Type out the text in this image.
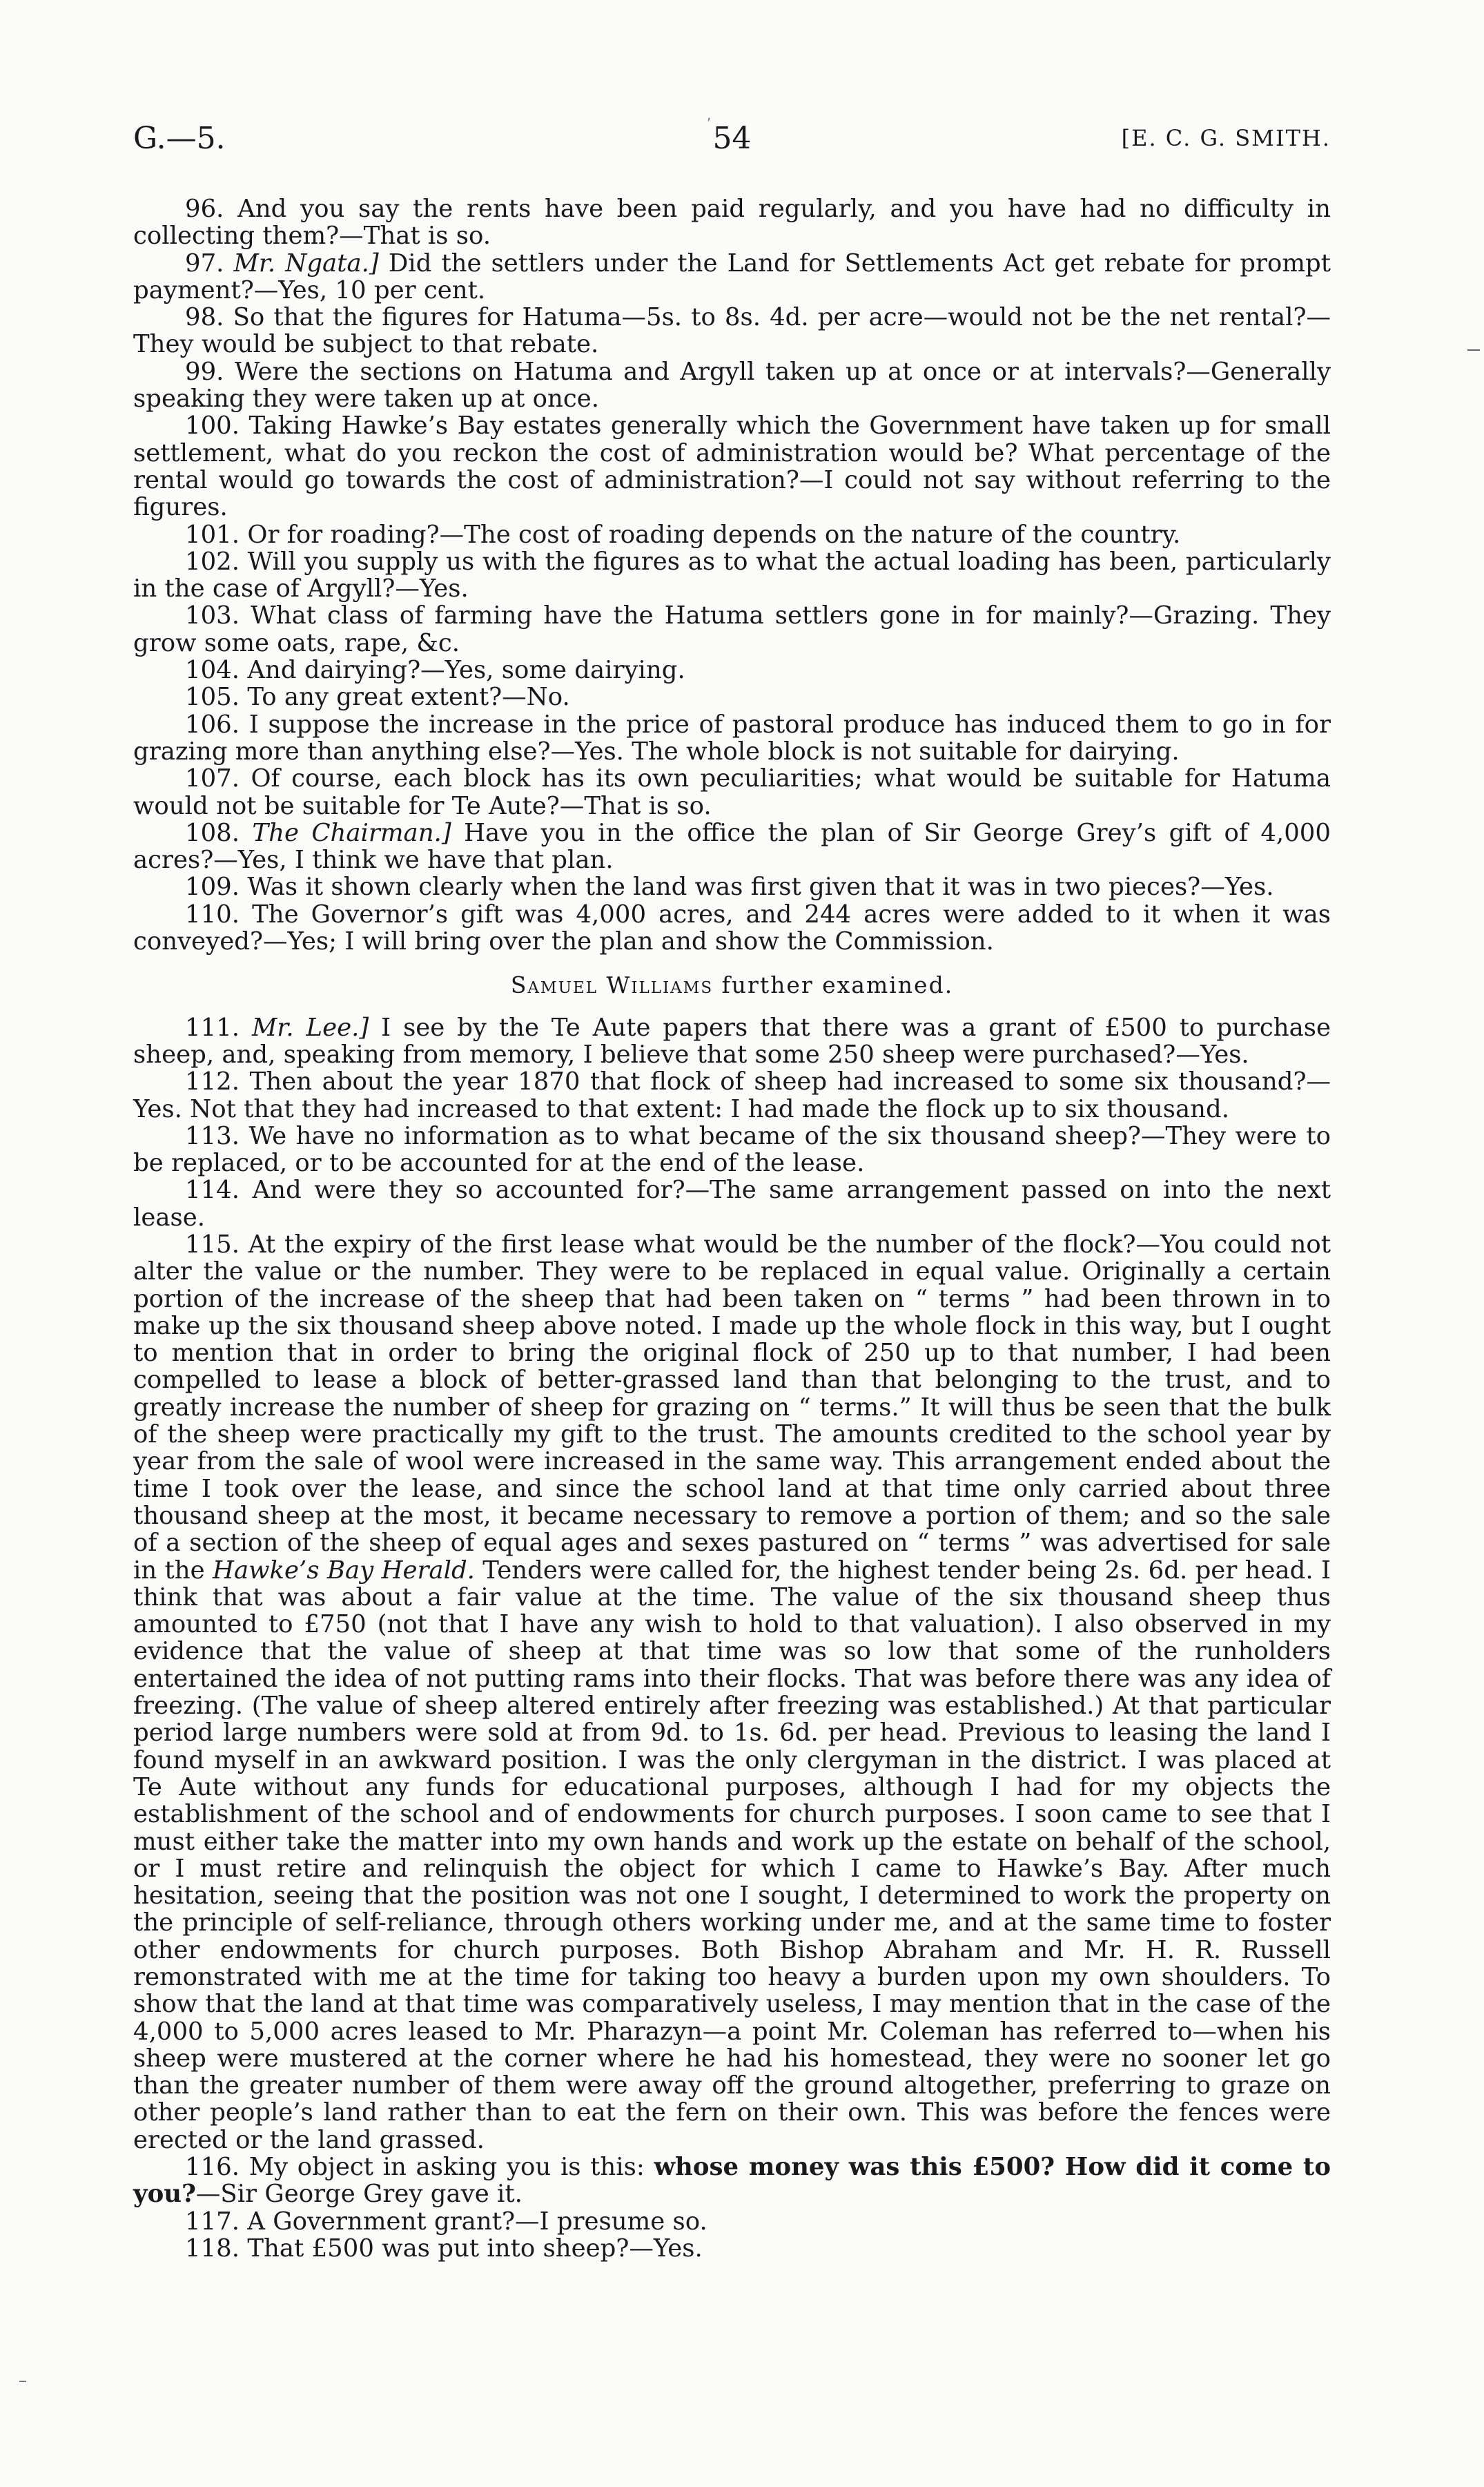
,
G.—5.	54	[E. C. G. SMITH.

96. And you say the rents have been paid regularly, and you have had no difficulty in collecting them?—That is so.

97. Mr. Ngata.] Did the settlers under the Land for Settlements Act get rebate for prompt payment?—Yes, 10 per cent.

98. So that the figures for Hatuma—5s. to 8s. 4d. per acre—would not be the net rental?—They would be subject to that rebate.

99. Were the sections on Hatuma and Argyll taken up at once or at intervals?—Generally speaking they were taken up at once.

100. Taking Hawke’s Bay estates generally which the Government have taken up for small settlement, what do you reckon the cost of administration would be? What percentage of the rental would go towards the cost of administration?—I could not say without referring to the figures.

101. Or for roading?—The cost of roading depends on the nature of the country.

102. Will you supply us with the figures as to what the actual loading has been, particularly in the case of Argyll?—Yes.

103. What class of farming have the Hatuma settlers gone in for mainly?—Grazing. They grow some oats, rape, &c.

104. And dairying?—Yes, some dairying.

105. To any great extent?—No.

106. I suppose the increase in the price of pastoral produce has induced them to go in for grazing more than anything else?—Yes. The whole block is not suitable for dairying.

107. Of course, each block has its own peculiarities; what would be suitable for Hatuma would not be suitable for Te Aute?—That is so.

108. The Chairman.] Have you in the office the plan of Sir George Grey’s gift of 4,000 acres?—Yes, I think we have that plan.

109. Was it shown clearly when the land was first given that it was in two pieces?—Yes.

110. The Governor’s gift was 4,000 acres, and 244 acres were added to it when it was conveyed?—Yes; I will bring over the plan and show the Commission.

Samuel Williams further examined.

111. Mr. Lee.] I see by the Te Aute papers that there was a grant of £500 to purchase sheep, and, speaking from memory, I believe that some 250 sheep were purchased?—Yes.

112. Then about the year 1870 that flock of sheep had increased to some six thousand?—Yes. Not that they had increased to that extent: I had made the flock up to six thousand.

113. We have no information as to what became of the six thousand sheep?—They were to be replaced, or to be accounted for at the end of the lease.

114. And were they so accounted for?—The same arrangement passed on into the next lease.

115. At the expiry of the first lease what would be the number of the flock?—You could not alter the value or the number. They were to be replaced in equal value. Originally a certain portion of the increase of the sheep that had been taken on “ terms ” had been thrown in to make up the six thousand sheep above noted. I made up the whole flock in this way, but I ought to mention that in order to bring the original flock of 250 up to that number, I had been compelled to lease a block of better-grassed land than that belonging to the trust, and to greatly increase the number of sheep for grazing on “ terms.” It will thus be seen that the bulk of the sheep were practically my gift to the trust. The amounts credited to the school year by year from the sale of wool were increased in the same way. This arrangement ended about the time I took over the lease, and since the school land at that time only carried about three thousand sheep at the most, it became necessary to remove a portion of them; and so the sale of a section of the sheep of equal ages and sexes pastured on “ terms ” was advertised for sale in the Hawke’s Bay Herald. Tenders were called for, the highest tender being 2s. 6d. per head. I think that was about a fair value at the time. The value of the six thousand sheep thus amounted to £750 (not that I have any wish to hold to that valuation). I also observed in my evidence that the value of sheep at that time was so low that some of the runholders entertained the idea of not putting rams into their flocks. That was before there was any idea of freezing. (The value of sheep altered entirely after freezing was established.) At that particular period large numbers were sold at from 9d. to 1s. 6d. per head. Previous to leasing the land I found myself in an awkward position. I was the only clergyman in the district. I was placed at Te Aute without any funds for educational purposes, although I had for my objects the establishment of the school and of endowments for church purposes. I soon came to see that I must either take the matter into my own hands and work up the estate on behalf of the school, or I must retire and relinquish the object for which I came to Hawke’s Bay. After much hesitation, seeing that the position was not one I sought, I determined to work the property on the principle of self-reliance, through others working under me, and at the same time to foster other endowments for church purposes. Both Bishop Abraham and Mr. H. R. Russell remonstrated with me at the time for taking too heavy a burden upon my own shoulders. To show that the land at that time was comparatively useless, I may mention that in the case of the 4,000 to 5,000 acres leased to Mr. Pharazyn—a point Mr. Coleman has referred to—when his sheep were mustered at the corner where he had his homestead, they were no sooner let go than the greater number of them were away off the ground altogether, preferring to graze on other people’s land rather than to eat the fern on their own. This was before the fences were erected or the land grassed.

116. My object in asking you is this: whose money was this £500? How did it come to you?—Sir George Grey gave it.

117. A Government grant?—I presume so.

118. That £500 was put into sheep?—Yes.
